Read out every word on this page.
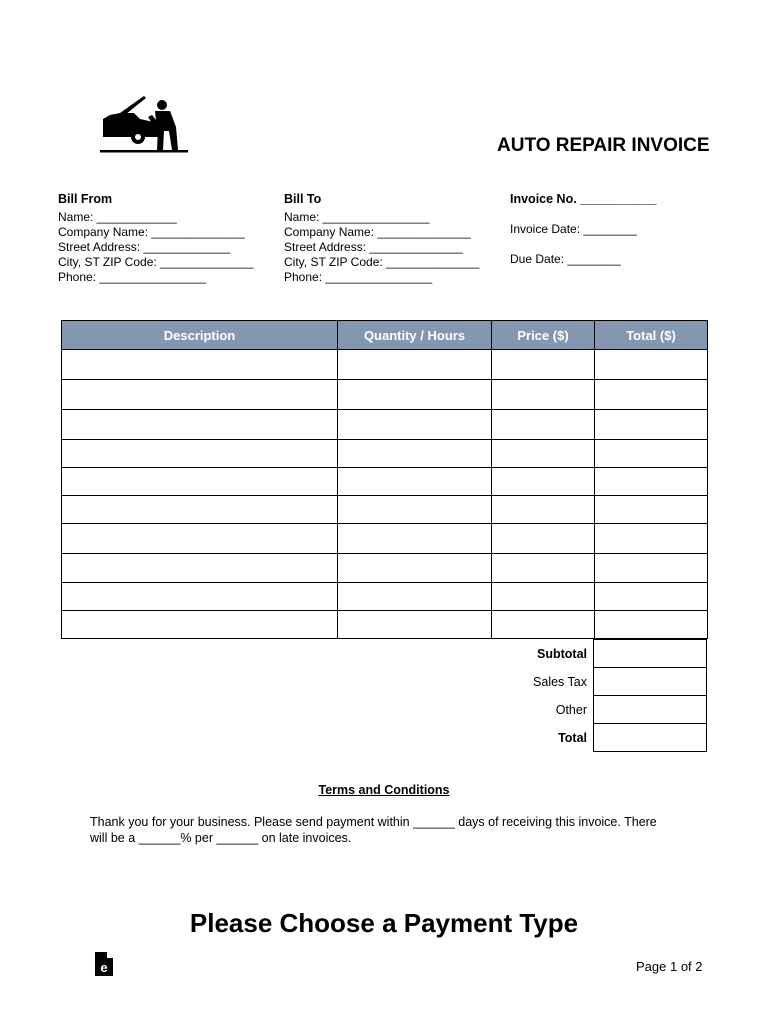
AUTO REPAIR INVOICE
Bill From
Name: ____________
Company Name: ______________
Street Address: _____________
City, ST ZIP Code: ______________
Phone: ________________
Bill To
Name: ________________
Company Name: ______________
Street Address: ______________
City, ST ZIP Code: ______________
Phone: ________________
Invoice No. ___________
Invoice Date: ________
Due Date: ________
Description	Quantity / Hours	Price ($)	Total ($)

Subtotal	
Sales Tax	
Other	
Total	
Terms and Conditions
Thank you for your business. Please send payment within ______ days of receiving this invoice. There
will be a ______% per ______ on late invoices.
Please Choose a Payment Type
e	Page 1 of 2
